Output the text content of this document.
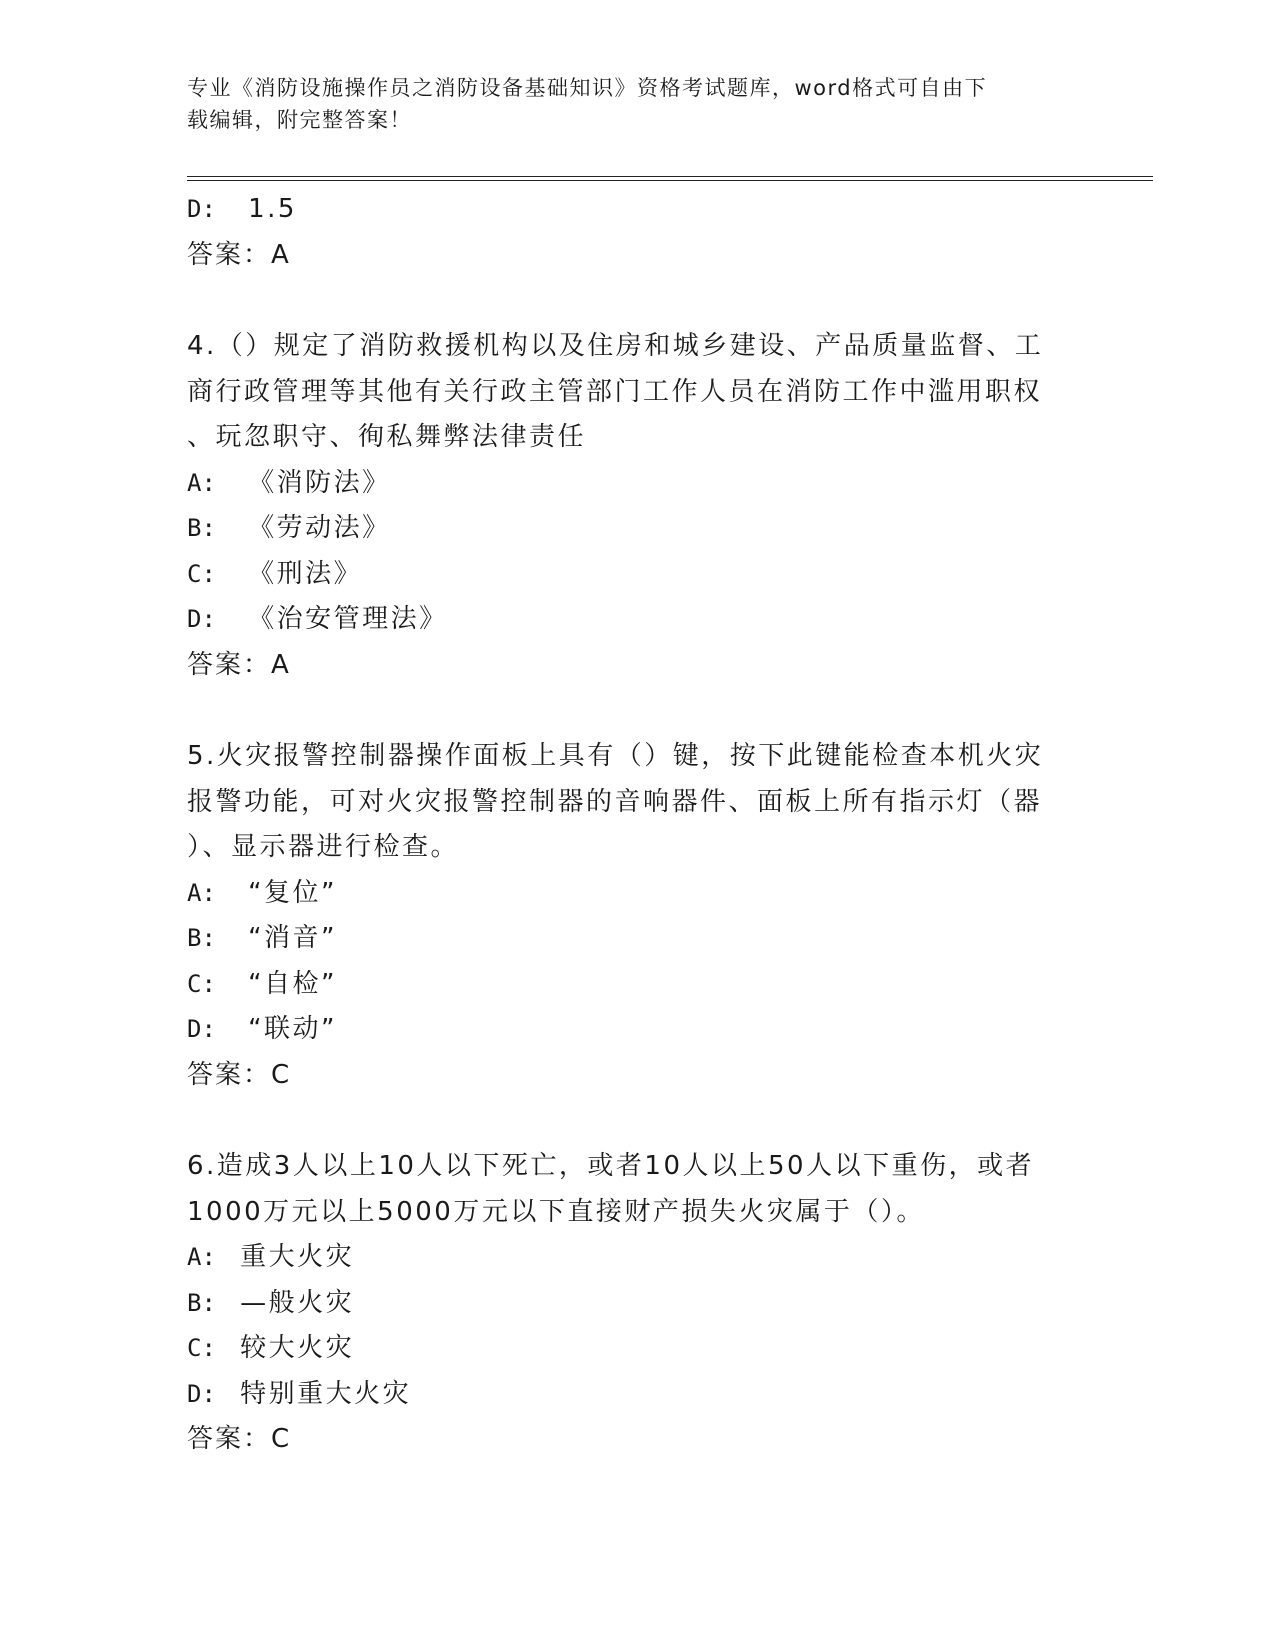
专业《消防设施操作员之消防设备基础知识》资格考试题库，word格式可自由下
载编辑，附完整答案！
D: 1.5
答案：A
4.（）规定了消防救援机构以及住房和城乡建设、产品质量监督、工
商行政管理等其他有关行政主管部门工作人员在消防工作中滥用职权
、玩忽职守、徇私舞弊法律责任
A: 《消防法》
B: 《劳动法》
C: 《刑法》
D: 《治安管理法》
答案：A
5.火灾报警控制器操作面板上具有（）键，按下此键能检查本机火灾
报警功能，可对火灾报警控制器的音响器件、面板上所有指示灯（器
）、显示器进行检查。
A: “复位”
B: “消音”
C: “自检”
D: “联动”
答案：C
6.造成3人以上10人以下死亡，或者10人以上50人以下重伤，或者
1000万元以上5000万元以下直接财产损失火灾属于（）。
A: 重大火灾
B: —般火灾
C: 较大火灾
D: 特别重大火灾
答案：C
